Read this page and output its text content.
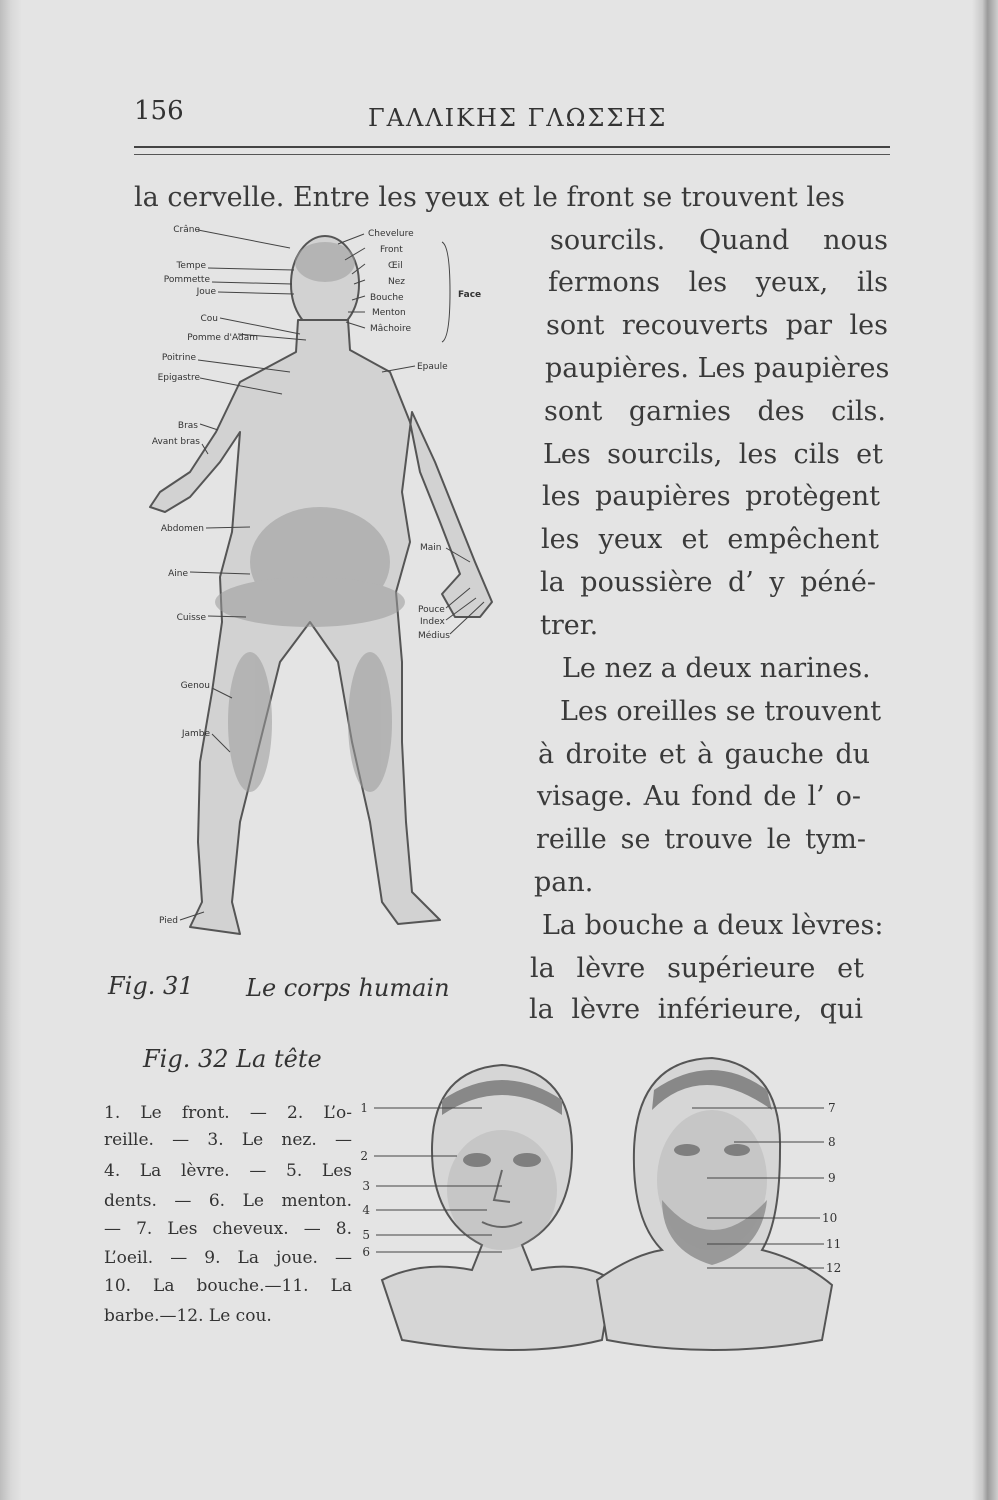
156	ΓΑΛΛΙΚΗΣ ΓΛΩΣΣΗΣ
la cervelle. Entre les yeux et le front se trouvent les
sourcils. Quand nous
fermons les yeux, ils
sont recouverts par les
paupières. Les paupières
sont garnies des cils.
Les sourcils, les cils et
les paupières protègent
les yeux et empêchent
la poussière d’ y péné-
trer.
Le nez a deux narines.
Les oreilles se trouvent
à droite et à gauche du
visage. Au fond de l’ o-
reille se trouve le tym-
pan.
La bouche a deux lèvres:
la lèvre supérieure et
la lèvre inférieure, qui
Crâne
Tempe
Pommette
Joue
Cou
Pomme d'Adam
Poitrine
Epigastre
Bras
Avant bras
Abdomen
Aine
Cuisse
Genou
Jambe
Pied
Chevelure
Front
Œil
Nez
Bouche
Menton
Mâchoire
Face
Epaule
Main
Pouce
Index
Médius
Fig. 31 Le corps humain
Fig. 32 La tête
1. Le front. — 2. L’o-
reille. — 3. Le nez. —
4. La lèvre. — 5. Les
dents. — 6. Le menton.
— 7. Les cheveux. — 8.
L’oeil. — 9. La joue. —
10. La bouche.—11. La
barbe.—12. Le cou.
1
2
3
4
5
6
7
8
9
10
11
12
